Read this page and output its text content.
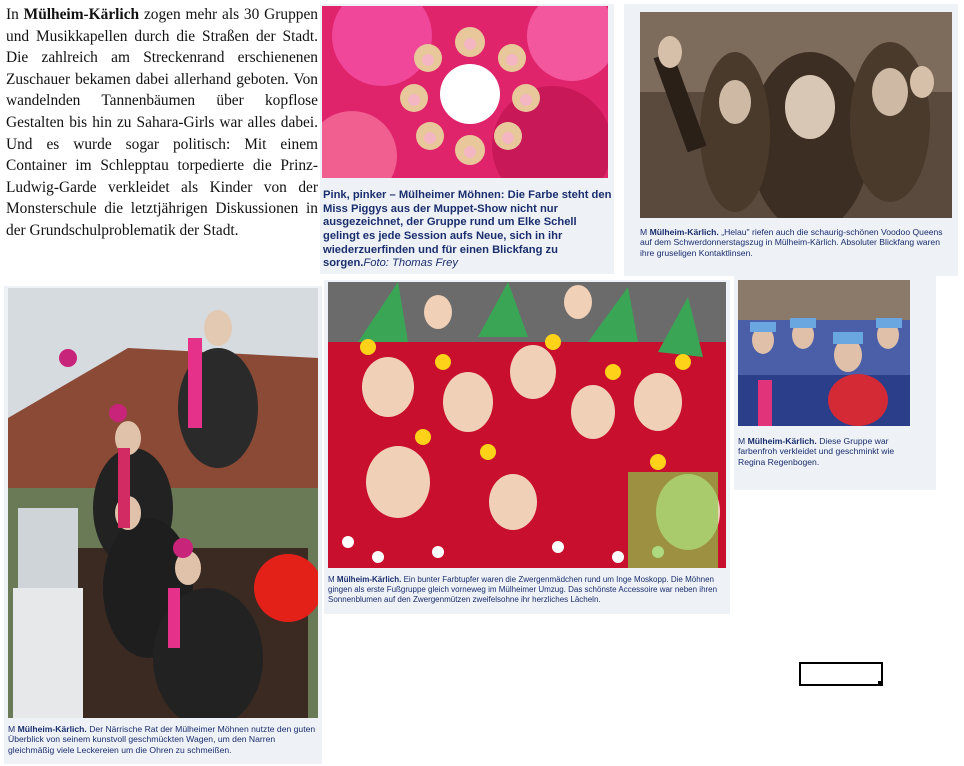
In Mülheim-Kärlich zogen mehr als 30 Gruppen und Musikkapellen durch die Straßen der Stadt. Die zahlreich am Streckenrand erschienenen Zuschauer bekamen dabei allerhand geboten. Von wandelnden Tannenbäumen über kopflose Gestalten bis hin zu Sahara-Girls war alles dabei. Und es wurde sogar politisch: Mit einem Container im Schlepptau torpedierte die Prinz-Ludwig-Garde verkleidet als Kinder von der Monsterschule die letztjährigen Diskussionen in der Grundschulproblematik der Stadt.
Pink, pinker – Mülheimer Möhnen: Die Farbe steht den Miss Piggys aus der Muppet-Show nicht nur ausgezeichnet, der Gruppe rund um Elke Schell gelingt es jede Session aufs Neue, sich in ihr wiederzuerfinden und für einen Blickfang zu sorgen.Foto: Thomas Frey
M Mülheim-Kärlich. „Helau" riefen auch die schaurig-schönen Voodoo Queens auf dem Schwerdonnerstagszug in Mülheim-Kärlich. Absoluter Blickfang waren ihre gruseligen Kontaktlinsen.
M Mülheim-Kärlich. Der Närrische Rat der Mülheimer Möhnen nutzte den guten Überblick von seinem kunstvoll geschmückten Wagen, um den Narren gleichmäßig viele Leckereien um die Ohren zu schmeißen.
M Mülheim-Kärlich. Ein bunter Farbtupfer waren die Zwergenmädchen rund um Inge Moskopp. Die Möhnen gingen als erste Fußgruppe gleich vorneweg im Mülheimer Umzug. Das schönste Accessoire war neben ihren Sonnenblumen auf den Zwergenmützen zweifelsohne ihr herzliches Lächeln.
M Mülheim-Kärlich. Diese Gruppe war farbenfroh verkleidet und geschminkt wie Regina Regenbogen.
